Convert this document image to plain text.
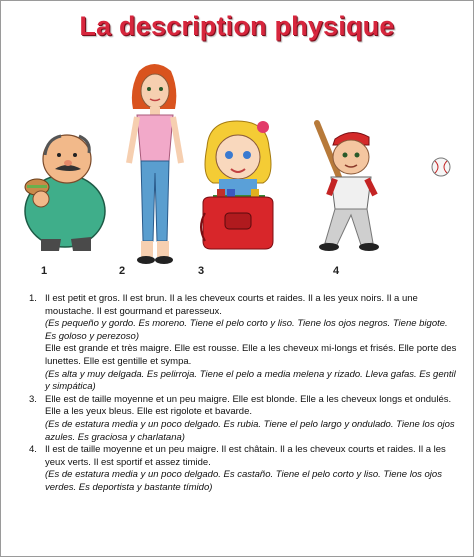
La description physique
1	2	3	4
1. Il est petit et gros. Il est brun. Il a les cheveux courts et raides. Il a les yeux noirs. Il a une moustache. Il est gourmand et paresseux.
(Es pequeño y gordo. Es moreno. Tiene el pelo corto y liso. Tiene los ojos negros. Tiene bigote. Es goloso y perezoso)
Elle est grande et très maigre. Elle est rousse. Elle a les cheveux mi-longs et frisés. Elle porte des lunettes. Elle est gentille et sympa.
(Es alta y muy delgada. Es pelirroja. Tiene el pelo a media melena y rizado. Lleva gafas. Es gentil y simpática)
3. Elle est de taille moyenne et un peu maigre. Elle est blonde. Elle a les cheveux longs et ondulés. Elle a les yeux bleus. Elle est rigolote et bavarde.
(Es de estatura media y un poco delgado. Es rubia. Tiene el pelo largo y ondulado. Tiene los ojos azules. Es graciosa y charlatana)
4. Il est de taille moyenne et un peu maigre. Il est châtain. Il a les cheveux courts et raides. Il a les yeux verts. Il est sportif et assez timide.
(Es de estatura media y un poco delgado. Es castaño. Tiene el pelo corto y liso. Tiene los ojos verdes. Es deportista y bastante tímido)
